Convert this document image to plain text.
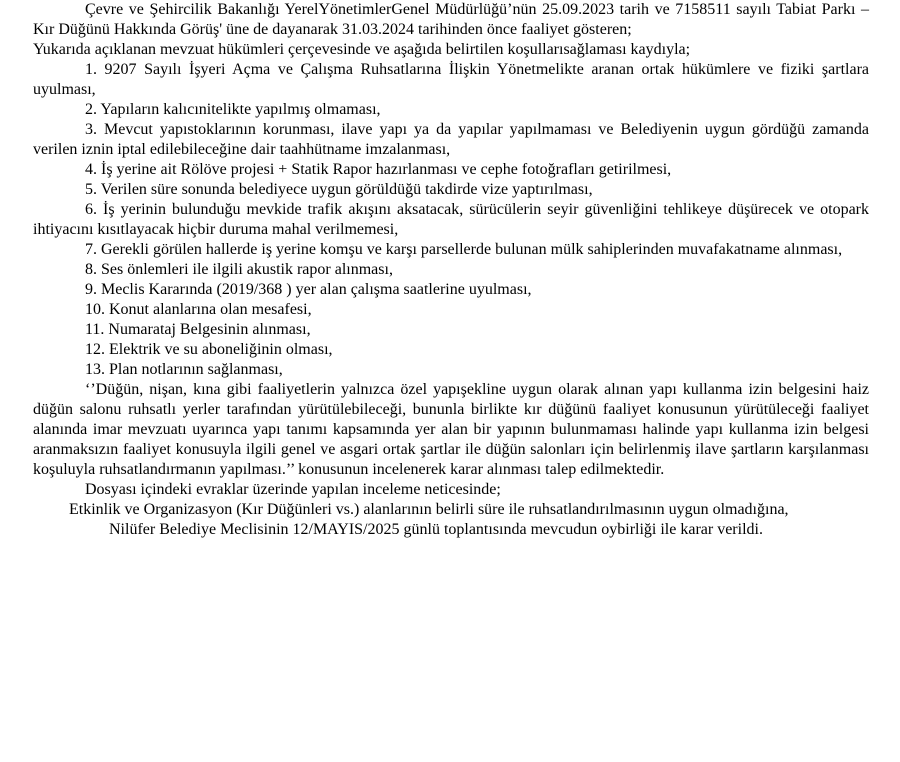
Çevre ve Şehircilik Bakanlığı YerelYönetimlerGenel Müdürlüğü’nün 25.09.2023 tarih ve 7158511 sayılı Tabiat Parkı – Kır Düğünü Hakkında Görüş' üne de dayanarak 31.03.2024 tarihinden önce faaliyet gösteren;

Yukarıda açıklanan mevzuat hükümleri çerçevesinde ve aşağıda belirtilen koşullarısağlaması kaydıyla;

1. 9207 Sayılı İşyeri Açma ve Çalışma Ruhsatlarına İlişkin Yönetmelikte aranan ortak hükümlere ve fiziki şartlara uyulması,

2. Yapıların kalıcınitelikte yapılmış olmaması,

3. Mevcut yapıstoklarının korunması, ilave yapı ya da yapılar yapılmaması ve Belediyenin uygun gördüğü zamanda verilen iznin iptal edilebileceğine dair taahhütname imzalanması,

4. İş yerine ait Rölöve projesi + Statik Rapor hazırlanması ve cephe fotoğrafları getirilmesi,

5. Verilen süre sonunda belediyece uygun görüldüğü takdirde vize yaptırılması,

6. İş yerinin bulunduğu mevkide trafik akışını aksatacak, sürücülerin seyir güvenliğini tehlikeye düşürecek ve otopark ihtiyacını kısıtlayacak hiçbir duruma mahal verilmemesi,

7. Gerekli görülen hallerde iş yerine komşu ve karşı parsellerde bulunan mülk sahiplerinden muvafakatname alınması,

8. Ses önlemleri ile ilgili akustik rapor alınması,

9. Meclis Kararında (2019/368 ) yer alan çalışma saatlerine uyulması,

10. Konut alanlarına olan mesafesi,

11. Numarataj Belgesinin alınması,

12. Elektrik ve su aboneliğinin olması,

13. Plan notlarının sağlanması,

‘’Düğün, nişan, kına gibi faaliyetlerin yalnızca özel yapışekline uygun olarak alınan yapı kullanma izin belgesini haiz düğün salonu ruhsatlı yerler tarafından yürütülebileceği, bununla birlikte kır düğünü faaliyet konusunun yürütüleceği faaliyet alanında imar mevzuatı uyarınca yapı tanımı kapsamında yer alan bir yapının bulunmaması halinde yapı kullanma izin belgesi aranmaksızın faaliyet konusuyla ilgili genel ve asgari ortak şartlar ile düğün salonları için belirlenmiş ilave şartların karşılanması koşuluyla ruhsatlandırmanın yapılması.’’ konusunun incelenerek karar alınması talep edilmektedir.

Dosyası içindeki evraklar üzerinde yapılan inceleme neticesinde;

Etkinlik ve Organizasyon (Kır Düğünleri vs.) alanlarının belirli süre ile ruhsatlandırılmasının uygun olmadığına,

Nilüfer Belediye Meclisinin 12/MAYIS/2025 günlü toplantısında mevcudun oybirliği ile karar verildi.
